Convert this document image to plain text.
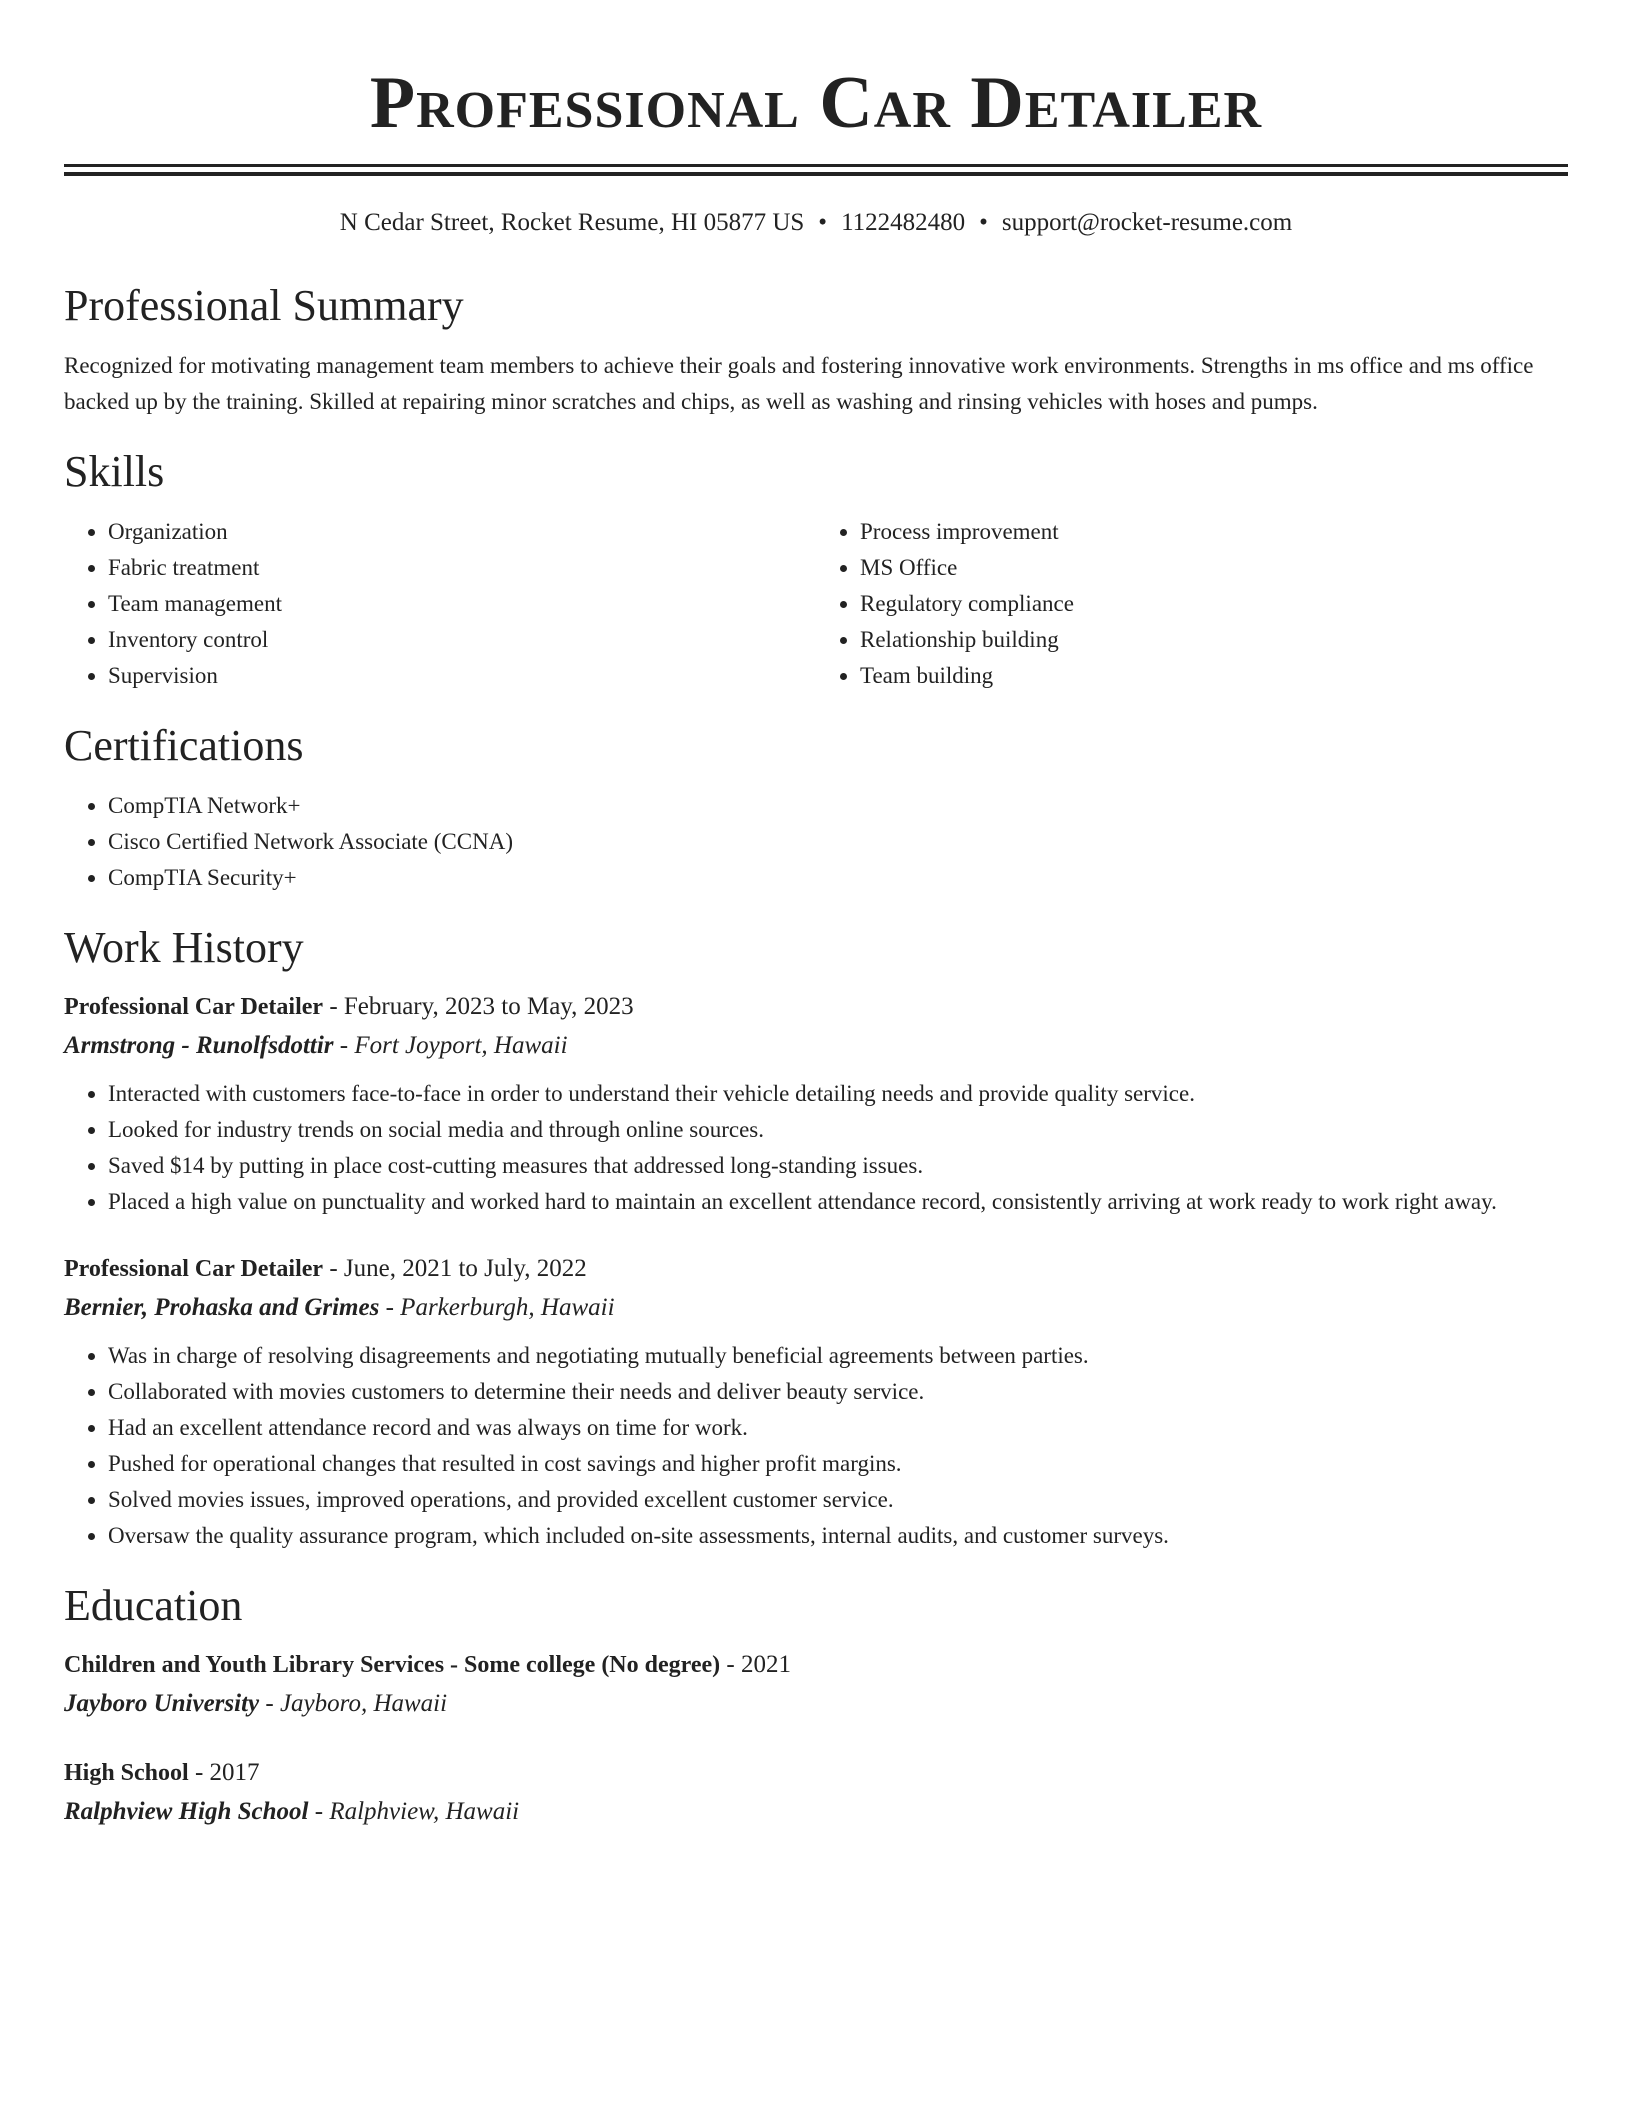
Professional Car Detailer
N Cedar Street, Rocket Resume, HI 05877 US • 1122482480 • support@rocket-resume.com
Professional Summary

Recognized for motivating management team members to achieve their goals and fostering innovative work environments. Strengths in ms office and ms office backed up by the training. Skilled at repairing minor scratches and chips, as well as washing and rinsing vehicles with hoses and pumps.

Skills
• Organization
• Fabric treatment
• Team management
• Inventory control
• Supervision
• Process improvement
• MS Office
• Regulatory compliance
• Relationship building
• Team building
Certifications
• CompTIA Network+
• Cisco Certified Network Associate (CCNA)
• CompTIA Security+
Work History
Professional Car Detailer - February, 2023 to May, 2023
Armstrong - Runolfsdottir - Fort Joyport, Hawaii
• Interacted with customers face-to-face in order to understand their vehicle detailing needs and provide quality service.
• Looked for industry trends on social media and through online sources.
• Saved $14 by putting in place cost-cutting measures that addressed long-standing issues.
• Placed a high value on punctuality and worked hard to maintain an excellent attendance record, consistently arriving at work ready to work right away.
Professional Car Detailer - June, 2021 to July, 2022
Bernier, Prohaska and Grimes - Parkerburgh, Hawaii
• Was in charge of resolving disagreements and negotiating mutually beneficial agreements between parties.
• Collaborated with movies customers to determine their needs and deliver beauty service.
• Had an excellent attendance record and was always on time for work.
• Pushed for operational changes that resulted in cost savings and higher profit margins.
• Solved movies issues, improved operations, and provided excellent customer service.
• Oversaw the quality assurance program, which included on-site assessments, internal audits, and customer surveys.
Education
Children and Youth Library Services - Some college (No degree) - 2021
Jayboro University - Jayboro, Hawaii
High School - 2017
Ralphview High School - Ralphview, Hawaii
